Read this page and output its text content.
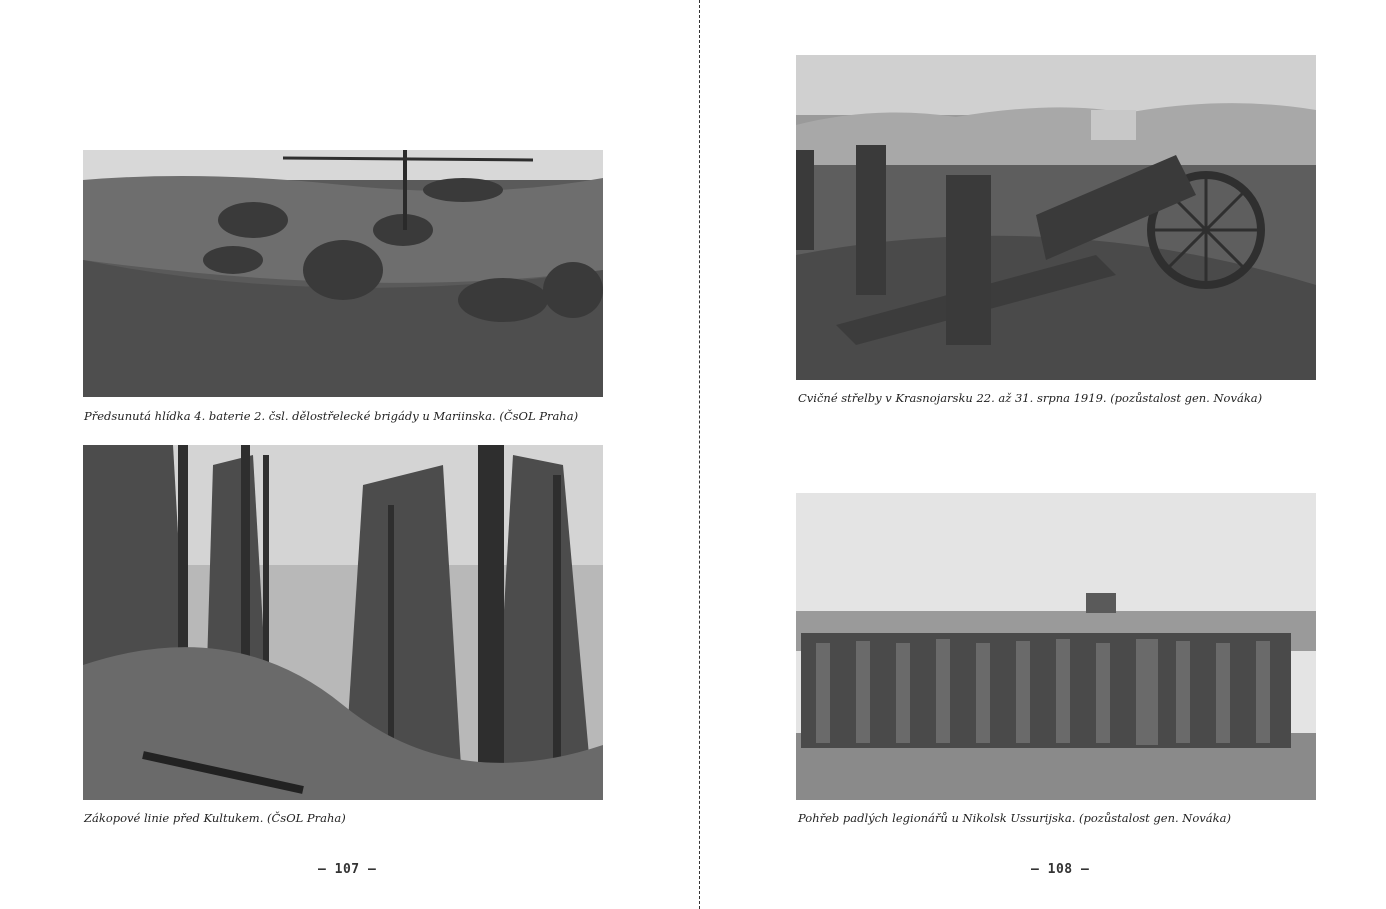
Předsunutá hlídka 4. baterie 2. čsl. dělostřelecké brigády u Mariinska. (ČsOL Praha)
Zákopové linie před Kultukem. (ČsOL Praha)
– 107 –
Cvičné střelby v Krasnojarsku 22. až 31. srpna 1919. (pozůstalost gen. Nováka)
Pohřeb padlých legionářů u Nikolsk Ussurijska. (pozůstalost gen. Nováka)
– 108 –
